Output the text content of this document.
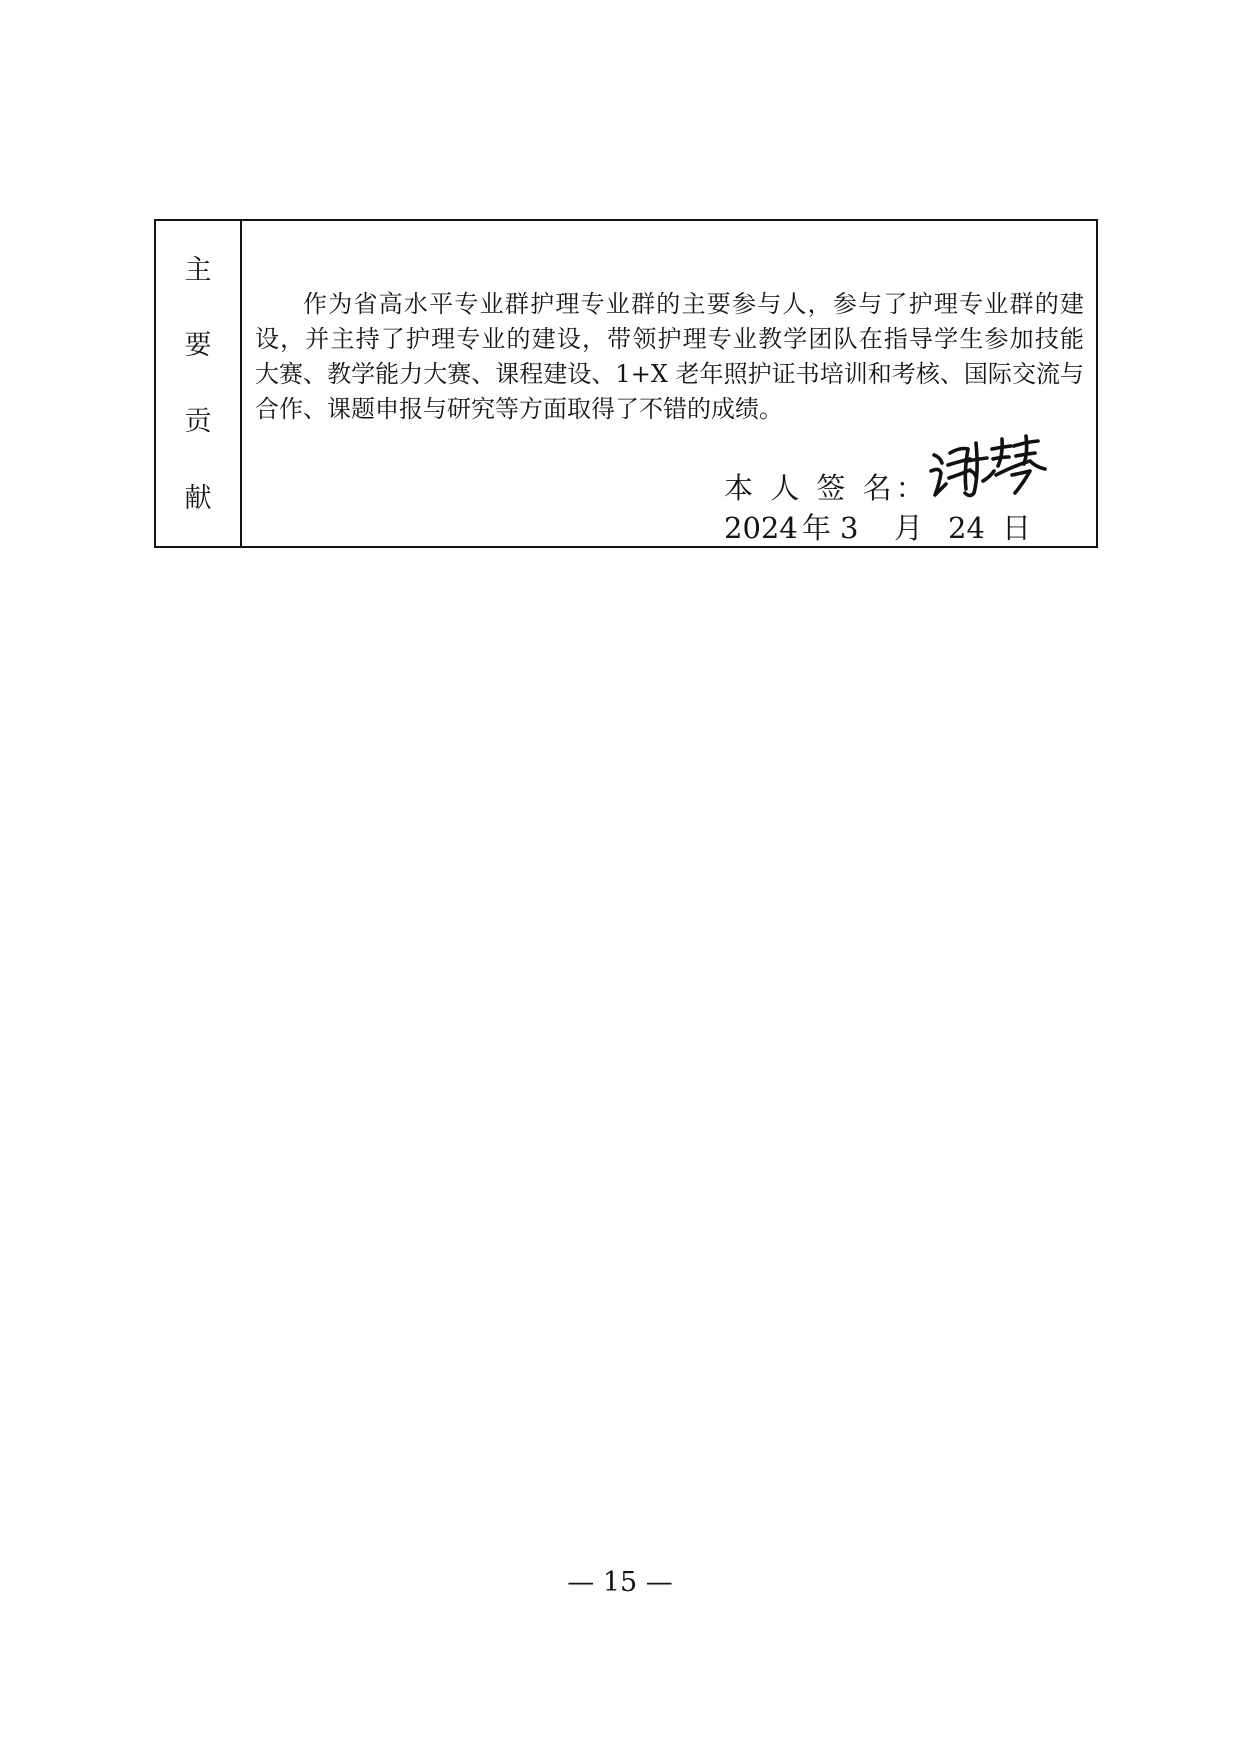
主
要
贡
献
作为省高水平专业群护理专业群的主要参与人，参与了护理专业群的建
设，并主持了护理专业的建设，带领护理专业教学团队在指导学生参加技能
大赛、教学能力大赛、课程建设、1+X 老年照护证书培训和考核、国际交流与
合作、课题申报与研究等方面取得了不错的成绩。
本 人 签 名：
2024 年 3 月 24 日
— 15 —
